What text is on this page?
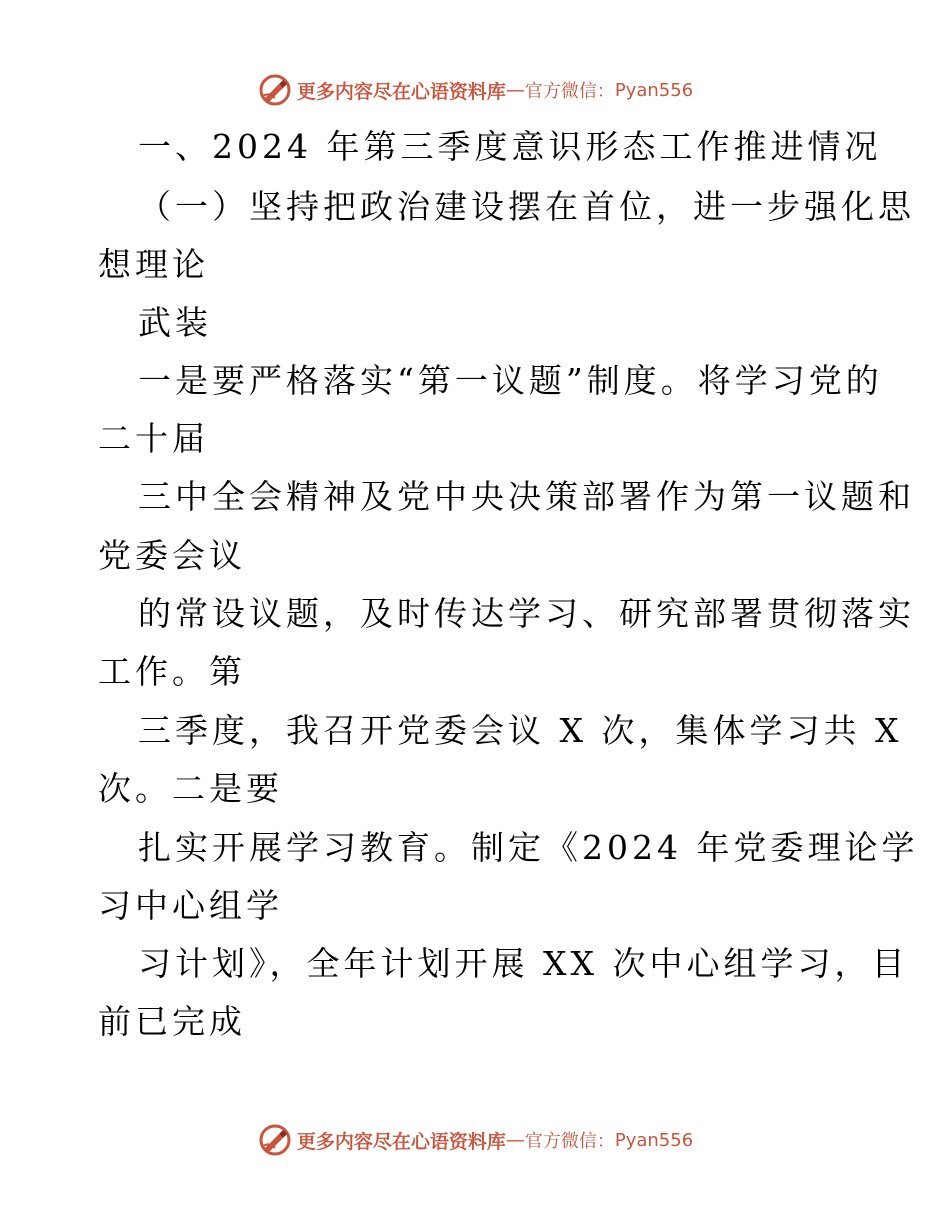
更多内容尽在心语资料库 — 官方微信： Pyan556
一、2024 年第三季度意识形态工作推进情况
（一）坚持把政治建设摆在首位，进一步强化思
想理论
武装
一是要严格落实“第一议题”制度。将学习党的
二十届
三中全会精神及党中央决策部署作为第一议题和
党委会议
的常设议题，及时传达学习、研究部署贯彻落实
工作。第
三季度，我召开党委会议 X 次，集体学习共 X
次。二是要
扎实开展学习教育。制定《2024 年党委理论学
习中心组学
习计划》，全年计划开展 XX 次中心组学习，目
前已完成
更多内容尽在心语资料库 — 官方微信： Pyan556
